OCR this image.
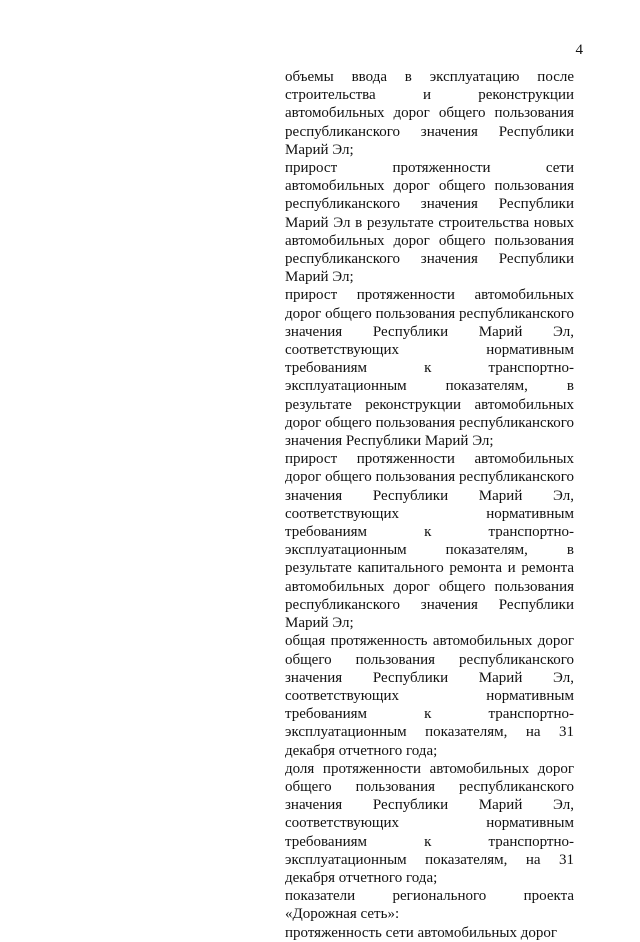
4

объемы ввода в эксплуатацию после строительства и реконструкции автомобильных дорог общего пользования республиканского значения Республики Марий Эл;

прирост протяженности сети автомобильных дорог общего пользования республиканского значения Республики Марий Эл в результате строительства новых автомобильных дорог общего пользования республиканского значения Республики Марий Эл;

прирост протяженности автомобильных дорог общего пользования республиканского значения Республики Марий Эл, соответствующих нормативным требованиям к транспортно-эксплуатационным показателям, в результате реконструкции автомобильных дорог общего пользования республиканского значения Республики Марий Эл;

прирост протяженности автомобильных дорог общего пользования республиканского значения Республики Марий Эл, соответствующих нормативным требованиям к транспортно-эксплуатационным показателям, в результате капитального ремонта и ремонта автомобильных дорог общего пользования республиканского значения Республики Марий Эл;

общая протяженность автомобильных дорог общего пользования республиканского значения Республики Марий Эл, соответствующих нормативным требованиям к транспортно-эксплуатационным показателям, на 31 декабря отчетного года;

доля протяженности автомобильных дорог общего пользования республиканского значения Республики Марий Эл, соответствующих нормативным требованиям к транспортно-эксплуатационным показателям, на 31 декабря отчетного года;

показатели регионального проекта «Дорожная сеть»:

протяженность сети автомобильных дорог
